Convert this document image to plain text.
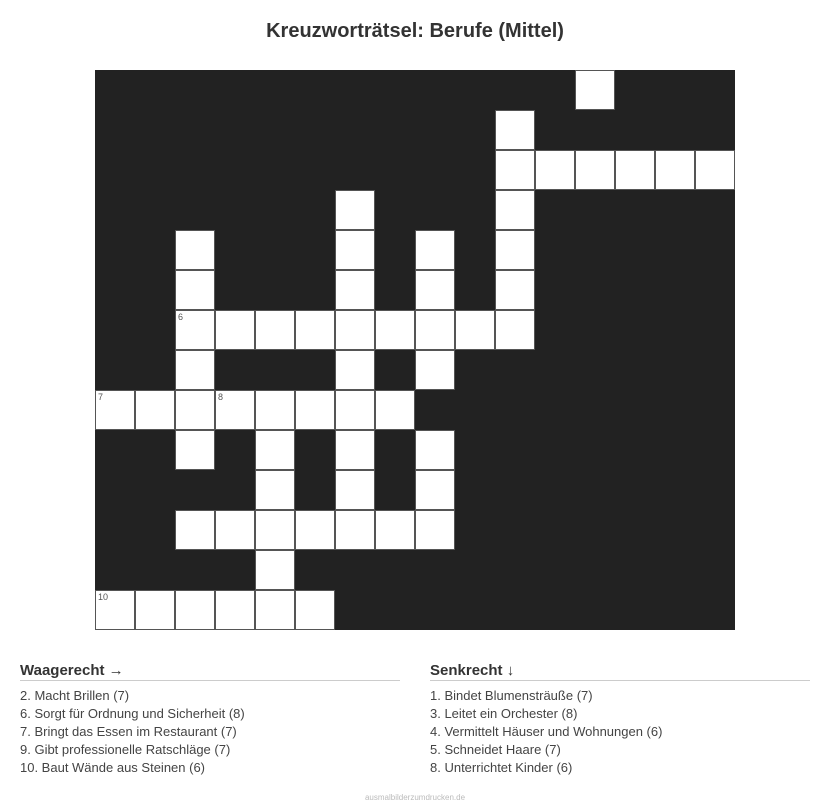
Kreuzworträtsel: Berufe (Mittel)
6
7	8
10
Waagerecht →
2. Macht Brillen (7)
6. Sorgt für Ordnung und Sicherheit (8)
7. Bringt das Essen im Restaurant (7)
9. Gibt professionelle Ratschläge (7)
10. Baut Wände aus Steinen (6)
Senkrecht ↓
1. Bindet Blumensträuße (7)
3. Leitet ein Orchester (8)
4. Vermittelt Häuser und Wohnungen (6)
5. Schneidet Haare (7)
8. Unterrichtet Kinder (6)
ausmalbilderzumdrucken.de
